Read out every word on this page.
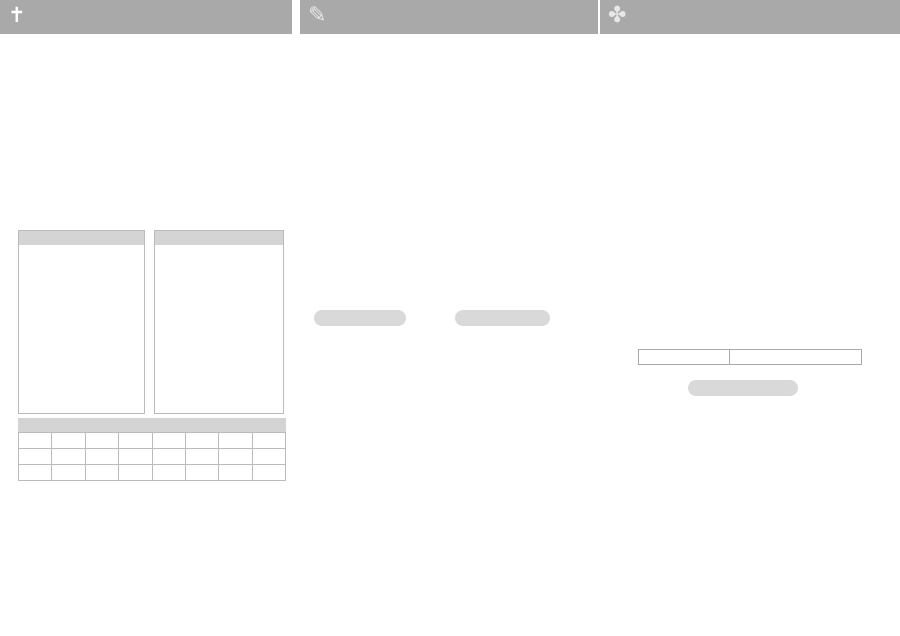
✝

								✎	✤
